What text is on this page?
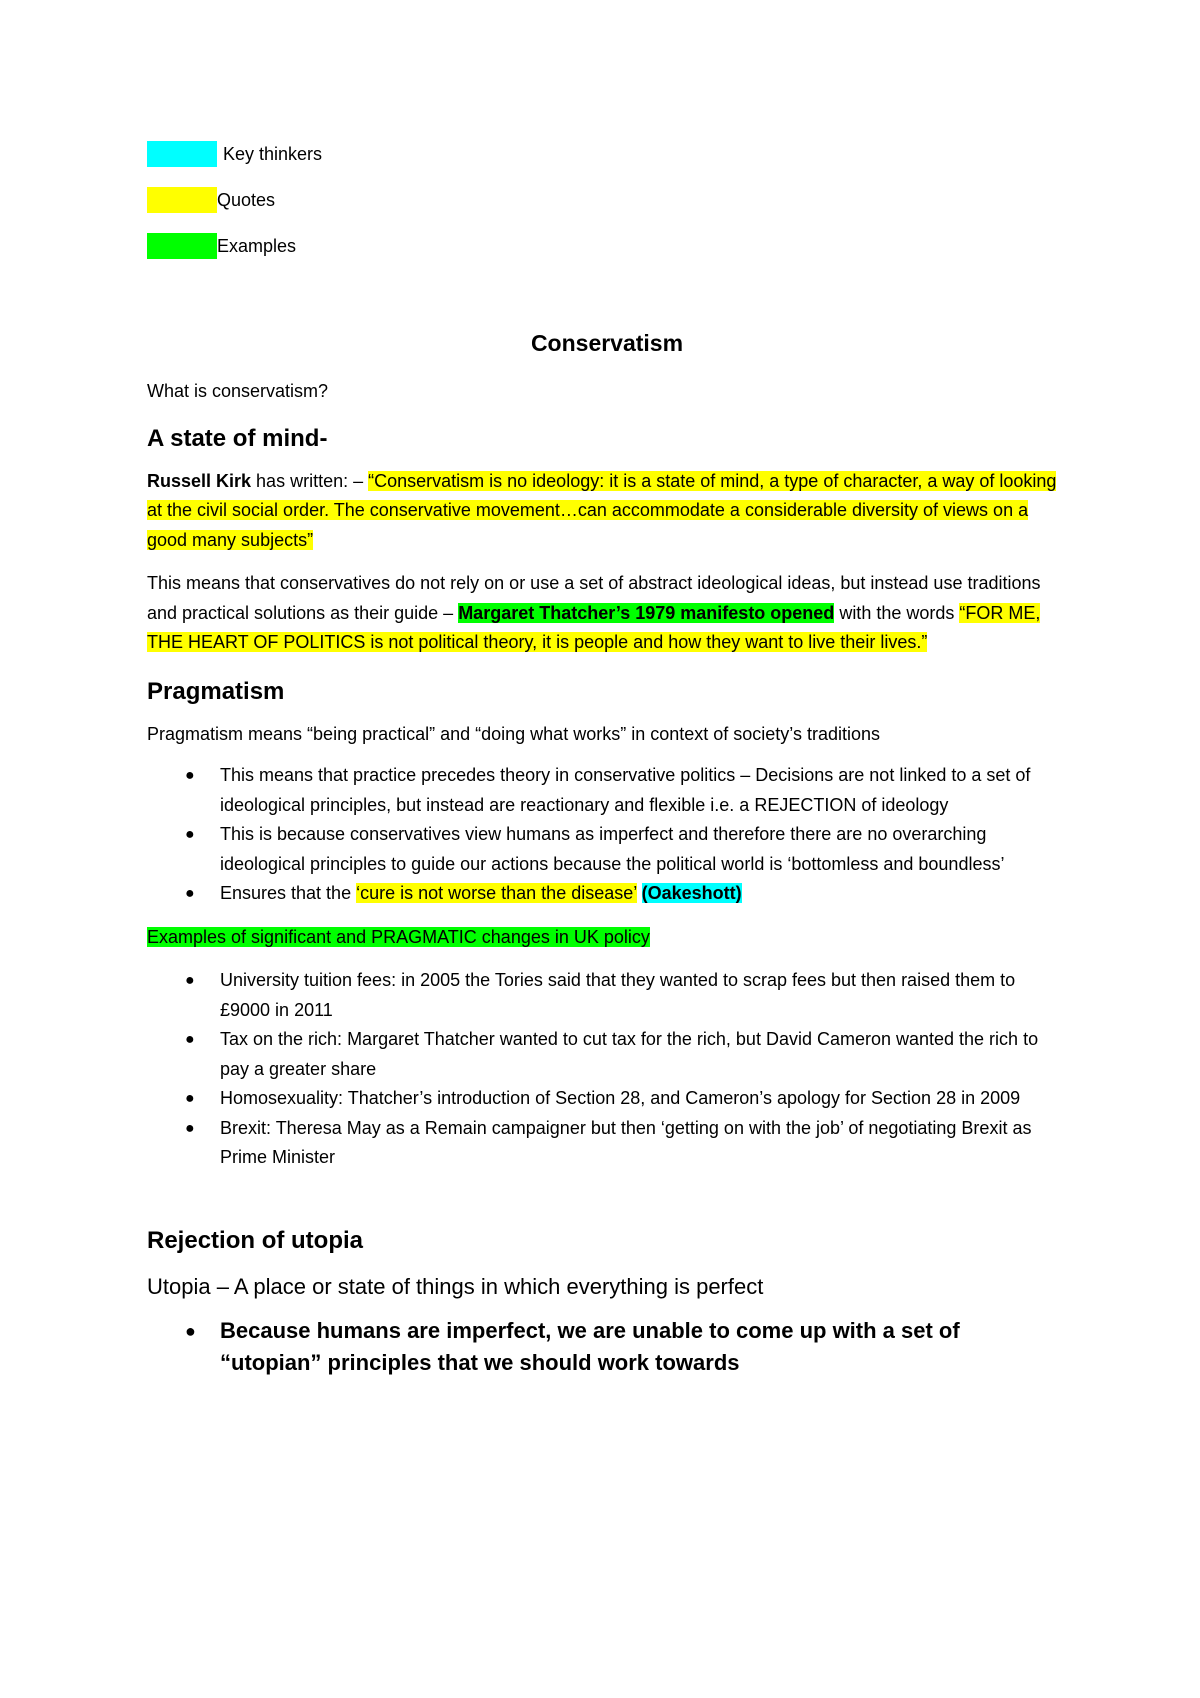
Key thinkers
Quotes
Examples
Conservatism

What is conservatism?

A state of mind-

Russell Kirk has written: – “Conservatism is no ideology: it is a state of mind, a type of character, a way of looking at the civil social order. The conservative movement…can accommodate a considerable diversity of views on a good many subjects”

This means that conservatives do not rely on or use a set of abstract ideological ideas, but instead use traditions and practical solutions as their guide – Margaret Thatcher’s 1979 manifesto opened with the words “FOR ME, THE HEART OF POLITICS is not political theory, it is people and how they want to live their lives.”

Pragmatism

Pragmatism means “being practical” and “doing what works” in context of society’s traditions

● This means that practice precedes theory in conservative politics – Decisions are not linked to a set of ideological principles, but instead are reactionary and flexible i.e. a REJECTION of ideology
● This is because conservatives view humans as imperfect and therefore there are no overarching ideological principles to guide our actions because the political world is ‘bottomless and boundless’
● Ensures that the ‘cure is not worse than the disease’ (Oakeshott)

Examples of significant and PRAGMATIC changes in UK policy

● University tuition fees: in 2005 the Tories said that they wanted to scrap fees but then raised them to £9000 in 2011
● Tax on the rich: Margaret Thatcher wanted to cut tax for the rich, but David Cameron wanted the rich to pay a greater share
● Homosexuality: Thatcher’s introduction of Section 28, and Cameron’s apology for Section 28 in 2009
● Brexit: Theresa May as a Remain campaigner but then ‘getting on with the job’ of negotiating Brexit as Prime Minister
Rejection of utopia

Utopia – A place or state of things in which everything is perfect

● Because humans are imperfect, we are unable to come up with a set of “utopian” principles that we should work towards
